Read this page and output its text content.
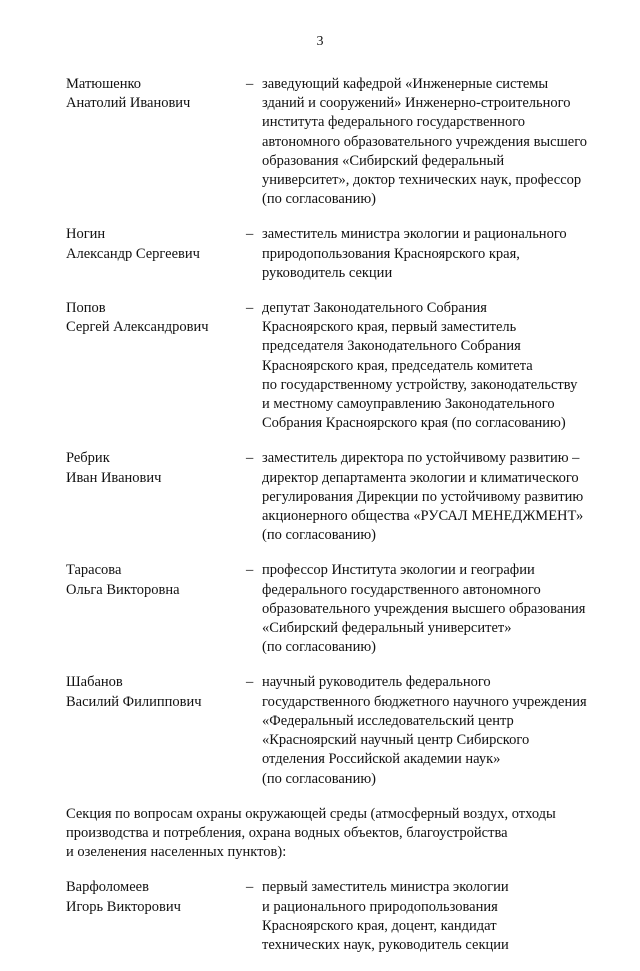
3
Матюшенко
Анатолий Иванович
– заведующий кафедрой «Инженерные системы
зданий и сооружений» Инженерно-строительного
института федерального государственного
автономного образовательного учреждения высшего
образования «Сибирский федеральный
университет», доктор технических наук, профессор
(по согласованию)
Ногин
Александр Сергеевич
– заместитель министра экологии и рационального
природопользования Красноярского края,
руководитель секции
Попов
Сергей Александрович
– депутат Законодательного Собрания
Красноярского края, первый заместитель
председателя Законодательного Собрания
Красноярского края, председатель комитета
по государственному устройству, законодательству
и местному самоуправлению Законодательного
Собрания Красноярского края (по согласованию)
Ребрик
Иван Иванович
– заместитель директора по устойчивому развитию –
директор департамента экологии и климатического
регулирования Дирекции по устойчивому развитию
акционерного общества «РУСАЛ МЕНЕДЖМЕНТ»
(по согласованию)
Тарасова
Ольга Викторовна
– профессор Института экологии и географии
федерального государственного автономного
образовательного учреждения высшего образования
«Сибирский федеральный университет»
(по согласованию)
Шабанов
Василий Филиппович
– научный руководитель федерального
государственного бюджетного научного учреждения
«Федеральный исследовательский центр
«Красноярский научный центр Сибирского
отделения Российской академии наук»
(по согласованию)
Секция по вопросам охраны окружающей среды (атмосферный воздух, отходы
производства и потребления, охрана водных объектов, благоустройства
и озеленения населенных пунктов):
Варфоломеев
Игорь Викторович
– первый заместитель министра экологии
и рационального природопользования
Красноярского края, доцент, кандидат
технических наук, руководитель секции
